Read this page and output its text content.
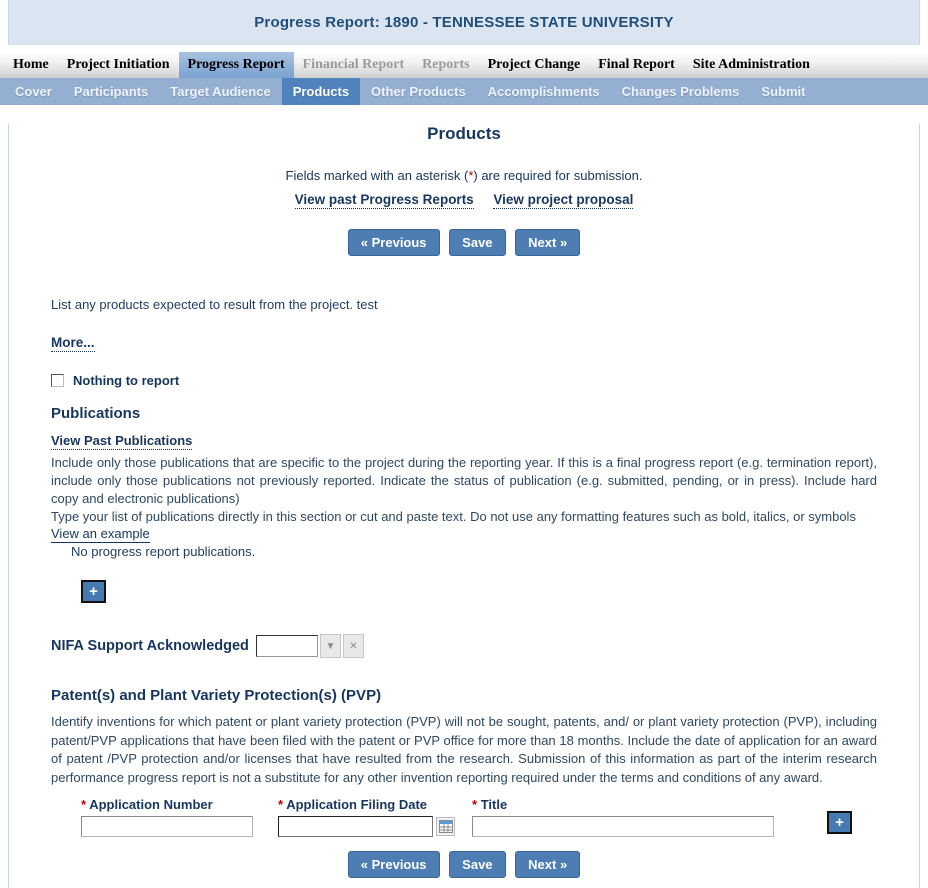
Progress Report: 1890 - TENNESSEE STATE UNIVERSITY
Home	Project Initiation	Progress Report	Financial Report	Reports	Project Change	Final Report	Site Administration
Cover	Participants	Target Audience	Products	Other Products	Accomplishments	Changes Problems	Submit
Products
Fields marked with an asterisk (*) are required for submission.
View past Progress Reports View project proposal
« Previous	Save	Next »

List any products expected to result from the project. test

More...
Nothing to report
Publications
View Past Publications

Include only those publications that are specific to the project during the reporting year. If this is a final progress report (e.g. termination report), include only those publications not previously reported. Indicate the status of publication (e.g. submitted, pending, or in press). Include hard copy and electronic publications)

Type your list of publications directly in this section or cut and paste text. Do not use any formatting features such as bold, italics, or symbols

View an example

No progress report publications.

+
NIFA Support Acknowledged	▼ ✕
Patent(s) and Plant Variety Protection(s) (PVP)

Identify inventions for which patent or plant variety protection (PVP) will not be sought, patents, and/ or plant variety protection (PVP), including patent/PVP applications that have been filed with the patent or PVP office for more than 18 months. Include the date of application for an award of patent /PVP protection and/or licenses that have resulted from the research. Submission of this information as part of the interim research performance progress report is not a substitute for any other invention reporting required under the terms and conditions of any award.

* Application Number	* Application Filing Date	* Title
+
« Previous	Save	Next »
